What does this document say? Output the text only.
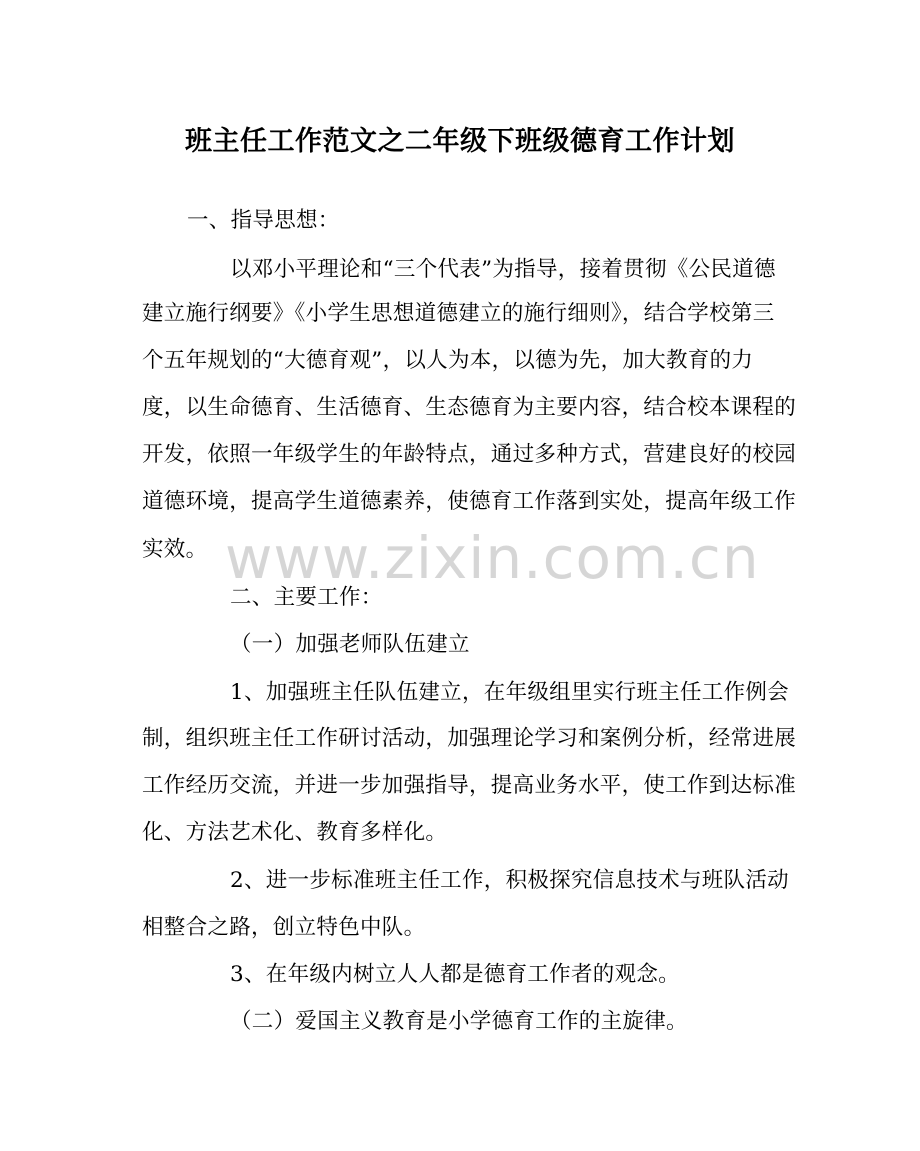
班主任工作范文之二年级下班级德育工作计划
一、指导思想：
以邓小平理论和“三个代表”为指导，接着贯彻《公民道德
建立施行纲要》《小学生思想道德建立的施行细则》，结合学校第三
个五年规划的“大德育观”，以人为本，以德为先，加大教育的力
度，以生命德育、生活德育、生态德育为主要内容，结合校本课程的
开发，依照一年级学生的年龄特点，通过多种方式，营建良好的校园
道德环境，提高学生道德素养，使德育工作落到实处，提高年级工作
实效。 www.zixin.com.cn
二、主要工作：
（一）加强老师队伍建立
1、加强班主任队伍建立，在年级组里实行班主任工作例会
制，组织班主任工作研讨活动，加强理论学习和案例分析，经常进展
工作经历交流，并进一步加强指导，提高业务水平，使工作到达标准
化、方法艺术化、教育多样化。
2、进一步标准班主任工作，积极探究信息技术与班队活动
相整合之路，创立特色中队。
3、在年级内树立人人都是德育工作者的观念。
（二）爱国主义教育是小学德育工作的主旋律。
